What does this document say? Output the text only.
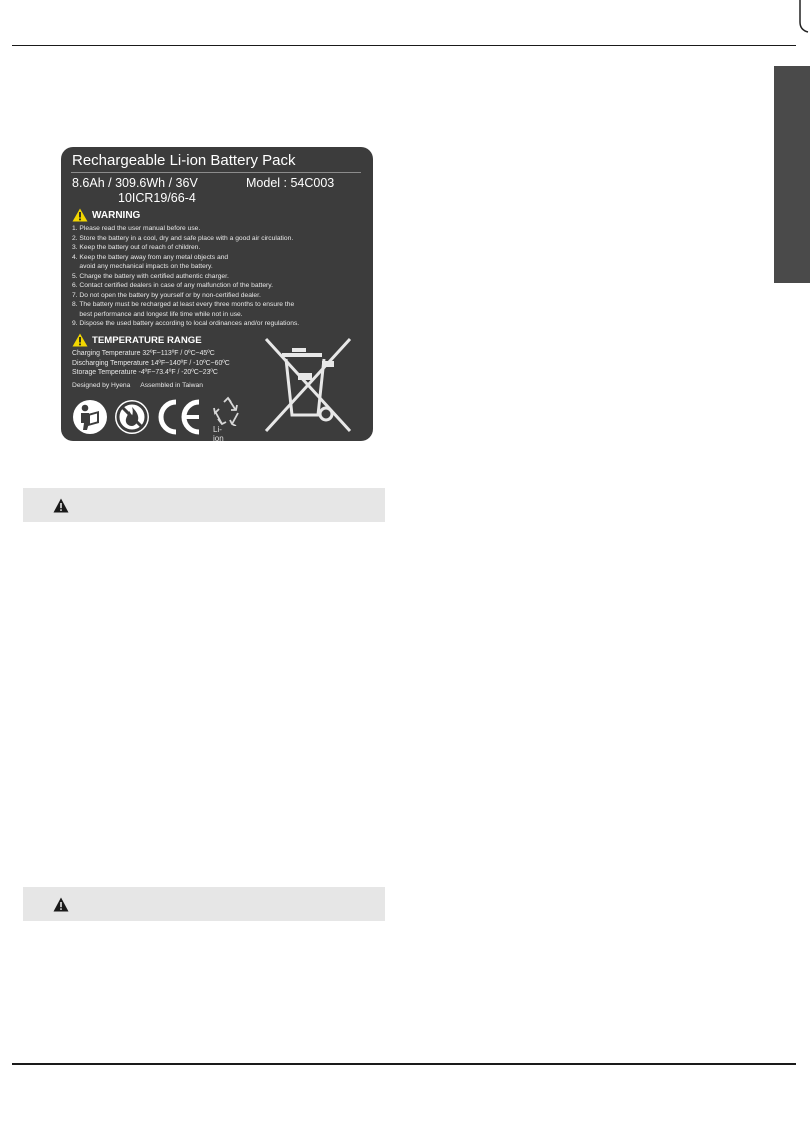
Rechargeable Li-ion Battery Pack
8.6Ah / 309.6Wh / 36V	Model : 54C003
10ICR19/66-4
WARNING
1. Please read the user manual before use.
2. Store the battery in a cool, dry and safe place with a good air circulation.
3. Keep the battery out of reach of children.
4. Keep the battery away from any metal objects and
avoid any mechanical impacts on the battery.
5. Charge the battery with certified authentic charger.
6. Contact certified dealers in case of any malfunction of the battery.
7. Do not open the battery by yourself or by non-certified dealer.
8. The battery must be recharged at least every three months to ensure the
best performance and longest life time while not in use.
9. Dispose the used battery according to local ordinances and/or regulations.
TEMPERATURE RANGE
Charging Temperature 32ºF~113ºF / 0ºC~45ºC
Discharging Temperature 14ºF~140ºF / -10ºC~60ºC
Storage Temperature -4ºF~73.4ºF / -20ºC~23ºC
Designed by Hyena Assembled in Taiwan
Li-ion
